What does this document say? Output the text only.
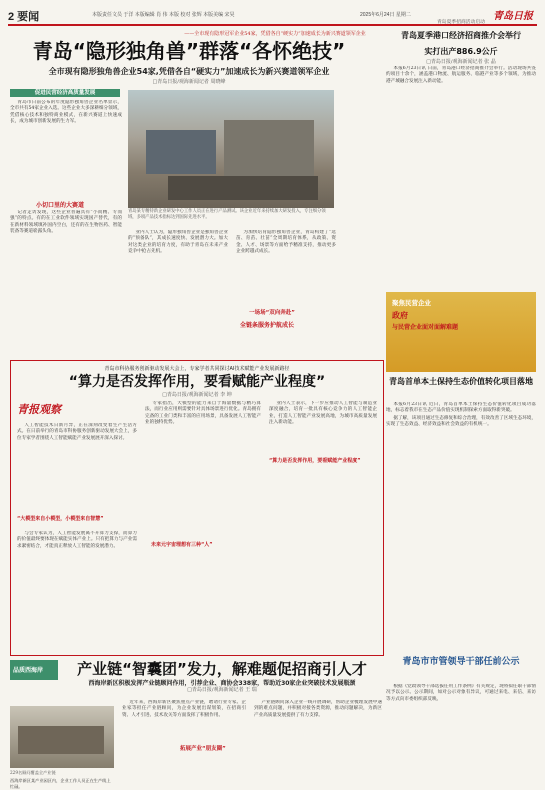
2 要闻	本版责任文员 于洋 本版编辑 肖 伟 本版 校对 张辉 本版美编 宋昊	2025年6月24日 星期二	青岛日报
——全市现有隐形冠军企业54家，凭借各自“硬实力”加速成长为新兴赛道领军企业
青岛“隐形独角兽”群落“各怀绝技”
全市现有隐形独角兽企业54家,凭借各自“硬实力”加速成长为新兴赛道领军企业
□青岛日报/观海新闻记者 周晓峰
促进民营经济高质量发展

青岛市日前公布的年度隐形独角兽企业名单显示，全市共有54家企业入选。这些企业大多深耕细分领域，凭借核心技术和独特商业模式，在新兴赛道上快速成长，成为城市创新发展的生力军。

小切口里的大赛道

记者走访发现，这些企业普遍具有“小而精、专而强”的特点。有的在工业软件领域实现国产替代，有的在新材料领域填补国内空白，还有的在生物医药、智能装备等赛道崭露头角。

青岛某专精特新企业研发中心工作人员正在进行产品测试。该企业近年来持续加大研发投入，专注细分领域，多项产品技术指标达到国际先进水平。

业内人士认为，隐形独角兽企业是独角兽企业的“预备队”，其成长速度快、发展潜力大。加大对这类企业的培育力度，有助于青岛在未来产业竞争中抢占先机。

为加快培育隐形独角兽企业，青岛构建了“选苗、育苗、壮苗”全周期培育体系，从政策、资金、人才、场景等方面给予精准支持，推动更多企业跨越式成长。

一场场“双向奔赴”
全链条服务护航成长
青岛夏季招商活动启动
青岛夏季港口经济招商推介会举行
实打出产886.9公斤
□青岛日报/观海新闻记者 张 晶

本报6月23日讯 日前，青岛港口经济招商推介会举行。活动现场共签约项目十余个，涵盖港口物流、航运服务、临港产业等多个领域，为推动港产城融合发展注入新动能。

聚焦民营企业
政府
与民营企业面对面解难题
青岛首单本土保持生态价值转化项目落地

本报6月23日讯 近日，青岛首单本土保持生态价值转化项目成功落地，标志着我市在生态产品价值实现机制探索方面取得新突破。

据了解，该项目通过生态修复和综合治理，有效改善了区域生态环境，实现了生态效益、经济效益和社会效益的有机统一。

青岛市市管领导干部任前公示

根据《党政领导干部选拔任用工作条例》有关规定，现将拟任职干部情况予以公示。公示期间，如对公示对象有异议，可通过来电、来信、来访等方式向市委组织部反映。

青岛市科协服务创新驱动发展大会上，专家学者共同探讨AI技术赋能产业发展新路径
“算力是否发挥作用，要看赋能产业程度”
□青岛日报/观海新闻记者 李 坤
青报观察

人工智能技术日新月异，正在深刻改变着生产生活方式。在日前举行的青岛市科协服务创新驱动发展大会上，多位专家学者围绕人工智能赋能产业发展展开深入探讨。

“大模型来自小模型，小模型来自智慧”

与会专家认为，人工智能发展离不开算力支撑，而算力的价值最终要体现在赋能实体产业上。只有把算力与产业需求紧密结合，才能真正释放人工智能的发展潜力。

专家指出，大模型的能力来自于海量数据与精巧算法，而行业应用则需要针对具体场景进行优化。青岛拥有完备的工业门类和丰富的应用场景，具备发展人工智能产业的独特优势。

未来元宇宙理想有三种“人”
“算力是否发挥作用，要看赋能产业程度”

业内人士表示，下一步应推动人工智能与制造业深度融合，培育一批具有核心竞争力的人工智能企业，打造人工智能产业发展高地，为城市高质量发展注入新动能。

品质西海岸	产业链“智囊团”发力，解难题促招商引人才
西海岸新区积极发挥产业链顾问作用，引荐企业、商协会338家，帮助近30家企业突破技术发展瓶颈
□青岛日报/观海新闻记者 王 瑞

近年来，西海岸新区聚焦重点产业链，聘请行业专家、企业家等担任产业链顾问，为企业发展出谋划策，在招商引资、人才引进、技术攻关等方面发挥了积极作用。

产业链顾问深入企业一线开展调研，帮助企业梳理发展中遇到的难点问题，并积极对接各类资源，推动问题解决，为新区产业高质量发展提供了有力支撑。

拓展产业“朋友圈”
229名顾问覆盖全产业链
西海岸新区某产业园区内，企业工作人员正在生产线上忙碌。
